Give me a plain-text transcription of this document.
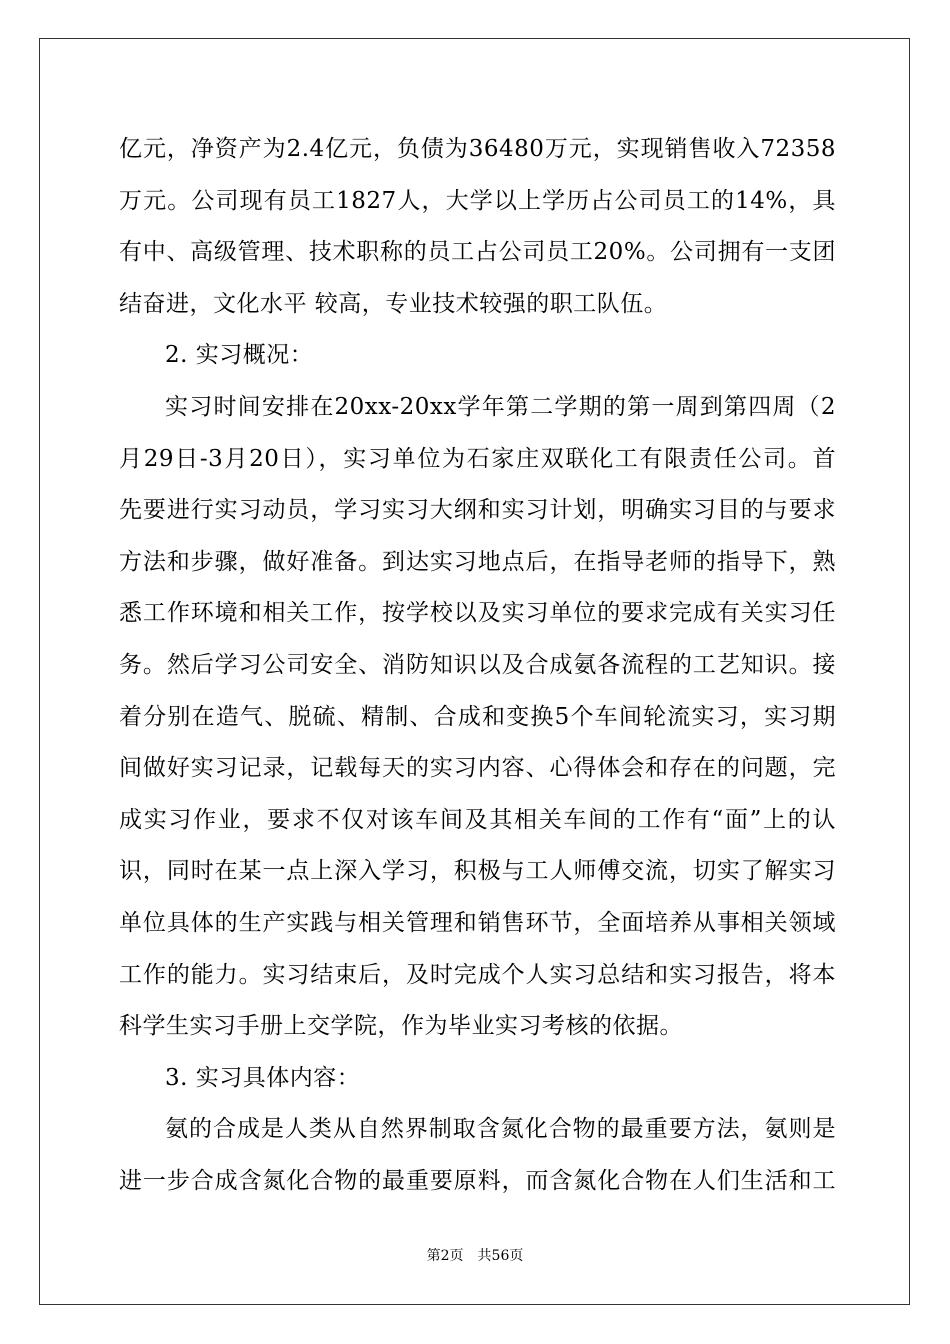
亿元，净资产为2.4亿元，负债为36480万元，实现销售收入72358
万元。公司现有员工1827人，大学以上学历占公司员工的14%，具
有中、高级管理、技术职称的员工占公司员工20%。公司拥有一支团
结奋进，文化水平 较高，专业技术较强的职工队伍。
2. 实习概况：
实习时间安排在20xx-20xx学年第二学期的第一周到第四周（2
月29日-3月20日），实习单位为石家庄双联化工有限责任公司。首
先要进行实习动员，学习实习大纲和实习计划，明确实习目的与要求
方法和步骤，做好准备。到达实习地点后，在指导老师的指导下，熟
悉工作环境和相关工作，按学校以及实习单位的要求完成有关实习任
务。然后学习公司安全、消防知识以及合成氨各流程的工艺知识。接
着分别在造气、脱硫、精制、合成和变换5个车间轮流实习，实习期
间做好实习记录，记载每天的实习内容、心得体会和存在的问题，完
成实习作业，要求不仅对该车间及其相关车间的工作有“面”上的认
识，同时在某一点上深入学习，积极与工人师傅交流，切实了解实习
单位具体的生产实践与相关管理和销售环节，全面培养从事相关领域
工作的能力。实习结束后，及时完成个人实习总结和实习报告，将本
科学生实习手册上交学院，作为毕业实习考核的依据。
3. 实习具体内容：
氨的合成是人类从自然界制取含氮化合物的最重要方法，氨则是
进一步合成含氮化合物的最重要原料，而含氮化合物在人们生活和工
第2页 共56页
